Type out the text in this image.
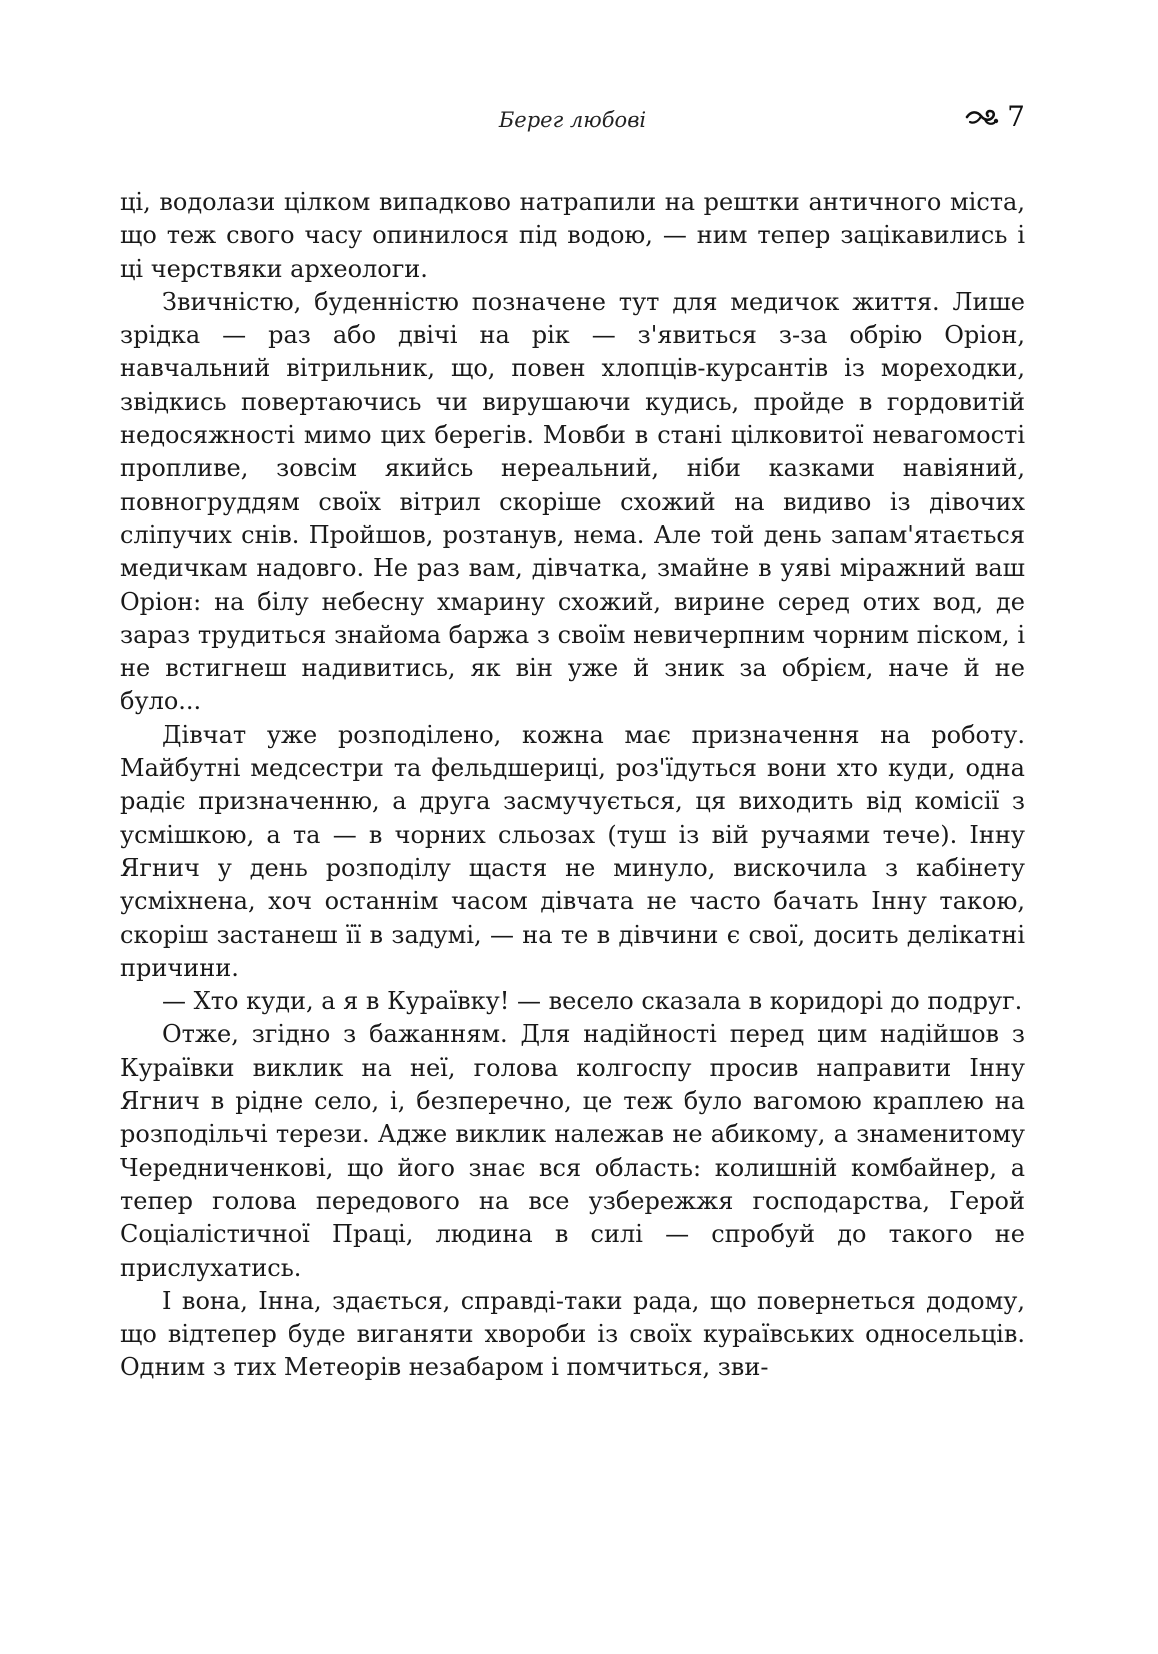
Берег любові	7

ці, водолази цілком випадково натрапили на рештки античного міста, що теж свого часу опинилося під водою, — ним тепер зацікавились і ці черствяки археологи.

Звичністю, буденністю позначене тут для медичок життя. Лише зрідка — раз або двічі на рік — з'явиться з-за обрію Оріон, навчальний вітрильник, що, повен хлопців-курсантів із мореходки, звідкись повертаючись чи вирушаючи кудись, пройде в гордовитій недосяжності мимо цих берегів. Мовби в стані цілковитої невагомості пропливе, зовсім якийсь нереальний, ніби казками навіяний, повногруддям своїх вітрил скоріше схожий на видиво із дівочих сліпучих снів. Пройшов, розтанув, нема. Але той день запам'ятається медичкам надовго. Не раз вам, дівчатка, змайне в уяві міражний ваш Оріон: на білу небесну хмарину схожий, вирине серед отих вод, де зараз трудиться знайома баржа з своїм невичерпним чорним піском, і не встигнеш надивитись, як він уже й зник за обрієм, наче й не було...

Дівчат уже розподілено, кожна має призначення на роботу. Майбутні медсестри та фельдшериці, роз'їдуться вони хто куди, одна радіє призначенню, а друга засмучується, ця виходить від комісії з усмішкою, а та — в чорних сльозах (туш із вій ручаями тече). Інну Ягнич у день розподілу щастя не минуло, вискочила з кабінету усміхнена, хоч останнім часом дівчата не часто бачать Інну такою, скоріш застанеш її в задумі, — на те в дівчини є свої, досить делікатні причини.

— Хто куди, а я в Кураївку! — весело сказала в коридорі до подруг.

Отже, згідно з бажанням. Для надійності перед цим надійшов з Кураївки виклик на неї, голова колгоспу просив направити Інну Ягнич в рідне село, і, безперечно, це теж було вагомою краплею на розподільчі терези. Адже виклик належав не абикому, а знаменитому Чередниченкові, що його знає вся область: колишній комбайнер, а тепер голова передового на все узбережжя господарства, Герой Соціалістичної Праці, людина в силі — спробуй до такого не прислухатись.

І вона, Інна, здається, справді-таки рада, що повернеться додому, що відтепер буде виганяти хвороби із своїх кураївських односельців. Одним з тих Метеорів незабаром і помчиться, зви-
